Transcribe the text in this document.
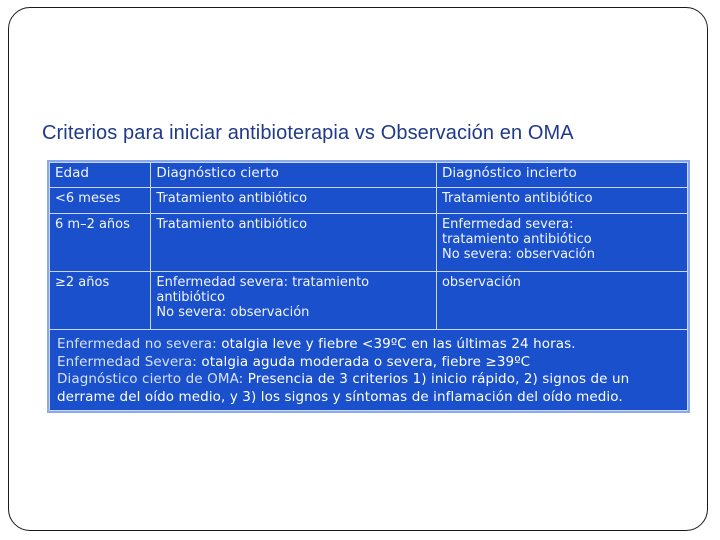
Criterios para iniciar antibioterapia vs Observación en OMA
Edad	Diagnóstico cierto	Diagnóstico incierto

<6 meses	Tratamiento antibiótico	Tratamiento antibiótico

6 m–2 años	Tratamiento antibiótico	Enfermedad severa:
tratamiento antibiótico
No severa: observación

≥2 años	Enfermedad severa: tratamiento
antibiótico
No severa: observación	observación
Enfermedad no severa: otalgia leve y fiebre <39ºC en las últimas 24 horas.
Enfermedad Severa: otalgia aguda moderada o severa, fiebre ≥39ºC
Diagnóstico cierto de OMA: Presencia de 3 criterios 1) inicio rápido, 2) signos de un derrame del oído medio, y 3) los signos y síntomas de inflamación del oído medio.
